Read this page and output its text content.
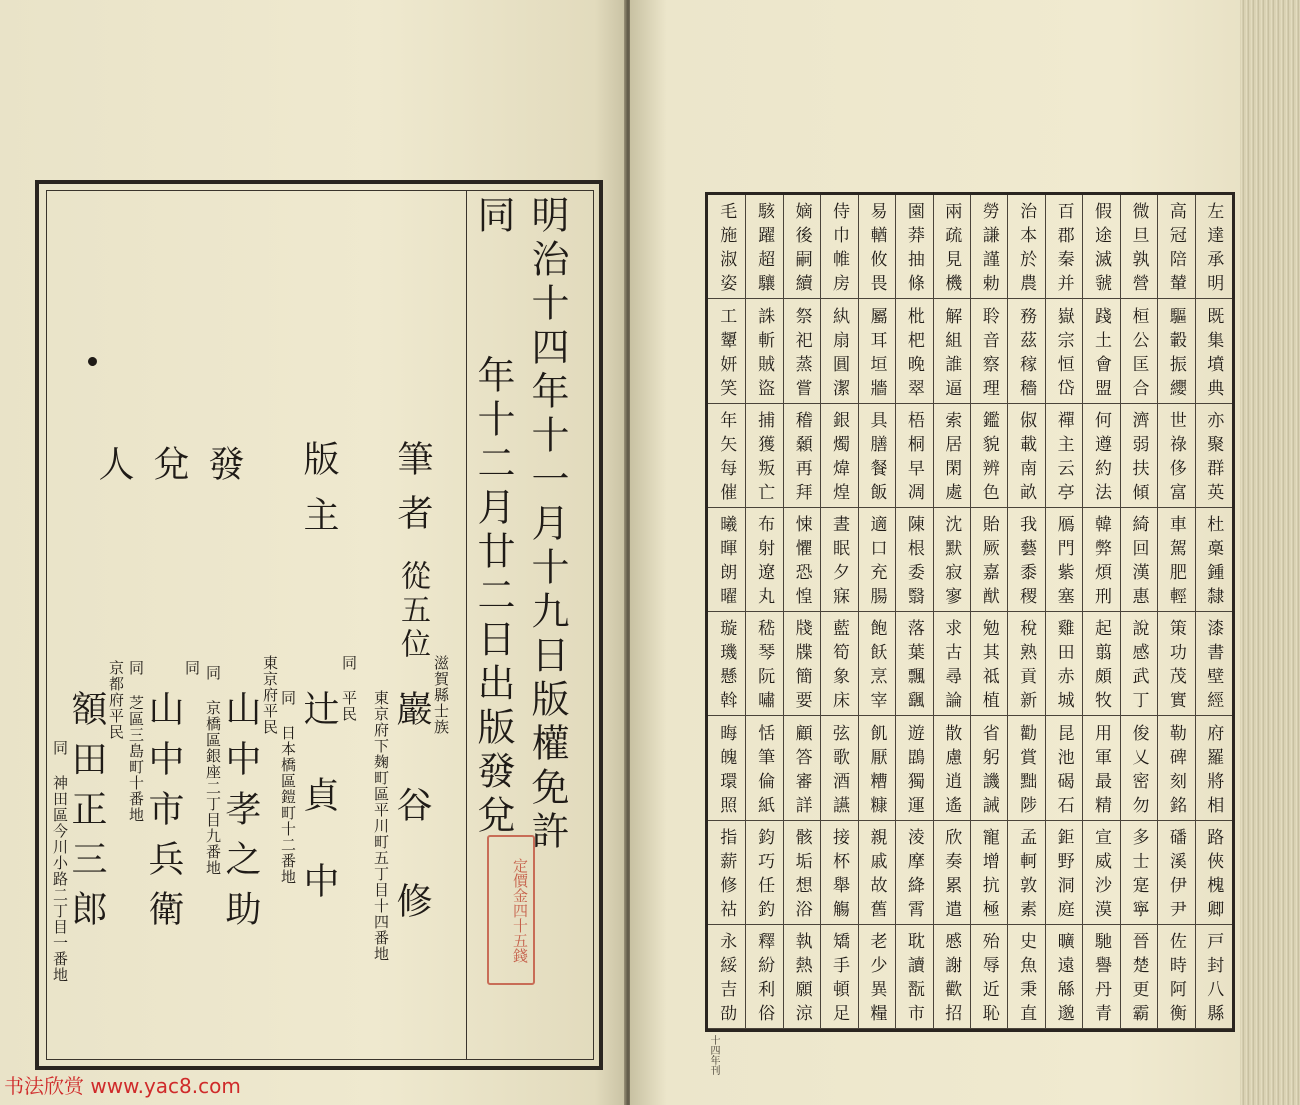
明治十四年十一月十九日版權免許
同
年十二月廿二日出版發兌
筆者
從五位
滋賀縣士族
巖谷修
東京府下麹町區平川町五丁目十四番地
版主
同 平民
辻貞中
同 日本橋區鎧町十二番地
發
兌
人
東京府平民
山中孝之助
同 京橋區銀座二丁目九番地
同
山中市兵衛
同 芝區三島町十番地
京都府平民
額田正三郎
同 神田區今川小路二丁目一番地	定價金四十五錢
左達承明
高冠陪輦
微旦孰營
假途滅虢
百郡秦并
治本於農
勞謙謹勅
兩疏見機
園莽抽條
易輶攸畏
侍巾帷房
嫡後嗣續
駭躍超驤
毛施淑姿
既集墳典
驅轂振纓
桓公匡合
踐土會盟
嶽宗恒岱
務茲稼穡
聆音察理
解組誰逼
枇杷晚翠
屬耳垣牆
紈扇圓潔
祭祀蒸嘗
誅斬賊盜
工顰妍笑
亦聚群英
世祿侈富
濟弱扶傾
何遵約法
禪主云亭
俶載南畝
鑑貌辨色
索居閑處
梧桐早凋
具膳餐飯
銀燭煒煌
稽顙再拜
捕獲叛亡
年矢每催
杜槀鍾隸
車駕肥輕
綺回漢惠
韓弊煩刑
鴈門紫塞
我藝黍稷
貽厥嘉猷
沈默寂寥
陳根委翳
適口充腸
晝眠夕寐
悚懼恐惶
布射遼丸
曦暉朗曜
漆書壁經
策功茂實
說感武丁
起翦頗牧
雞田赤城
稅熟貢新
勉其祗植
求古尋論
落葉飄颻
飽飫烹宰
藍筍象床
牋牒簡要
嵇琴阮嘯
璇璣懸斡
府羅將相
勒碑刻銘
俊乂密勿
用軍最精
昆池碣石
勸賞黜陟
省躬譏誡
散慮逍遙
遊鵾獨運
飢厭糟糠
弦歌酒讌
顧答審詳
恬筆倫紙
晦魄環照
路俠槐卿
磻溪伊尹
多士寔寧
宣威沙漠
鉅野洞庭
孟軻敦素
寵增抗極
欣奏累遣
淩摩絳霄
親戚故舊
接杯舉觴
骸垢想浴
鈞巧任釣
指薪修祜
戸封八縣
佐時阿衡
晉楚更霸
馳譽丹青
曠遠緜邈
史魚秉直
殆辱近恥
慼謝歡招
耽讀翫市
老少異糧
矯手頓足
執熱願涼
釋紛利俗
永綏吉劭
十四年刊
书法欣赏 www.yac8.com
